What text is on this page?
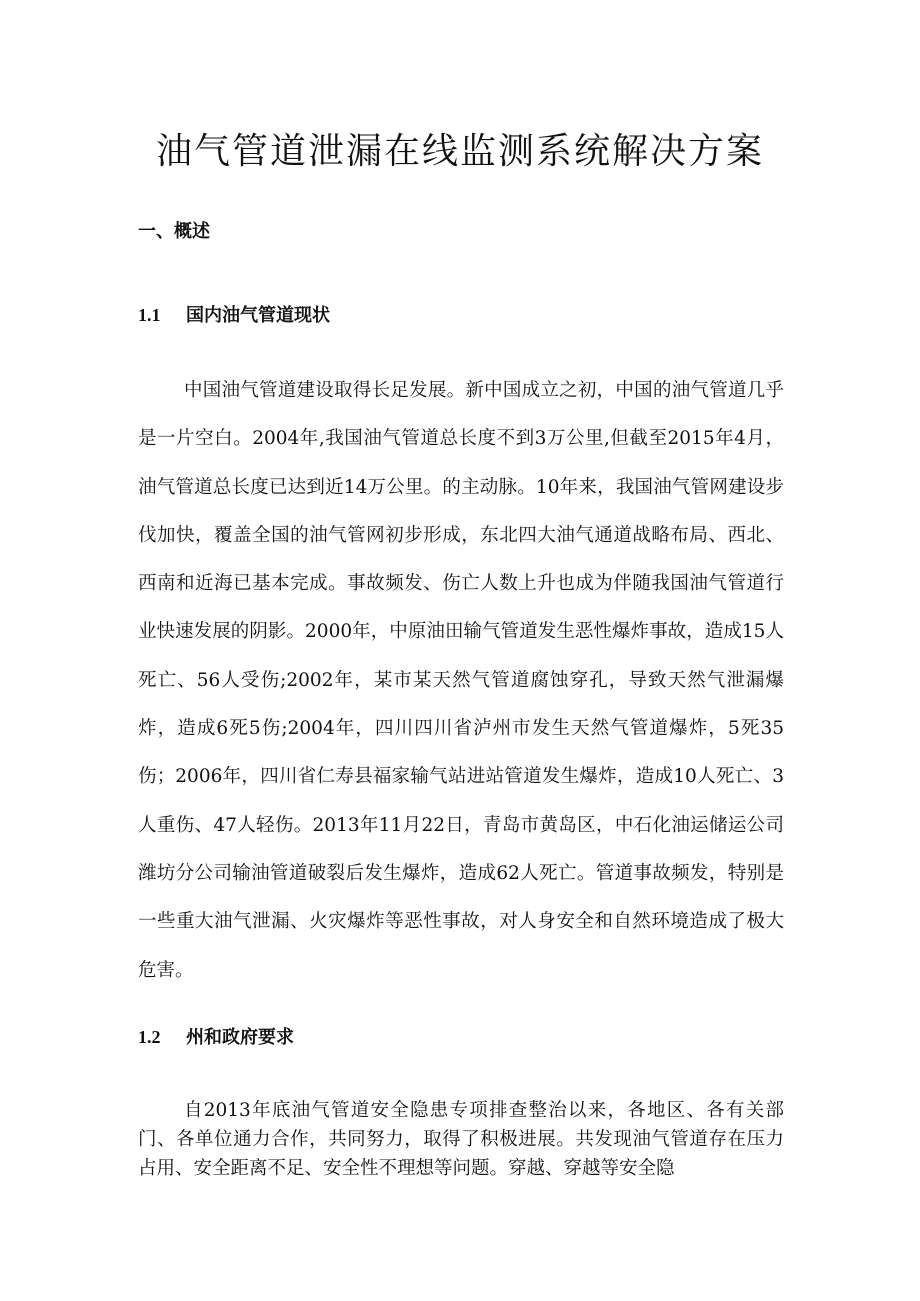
油气管道泄漏在线监测系统解决方案
一、概述
1.1 国内油气管道现状

中国油气管道建设取得长足发展。新中国成立之初，中国的油气管道几乎是一片空白。2004年,我国油气管道总长度不到3万公里,但截至2015年4月，油气管道总长度已达到近14万公里。的主动脉。10年来，我国油气管网建设步伐加快，覆盖全国的油气管网初步形成，东北四大油气通道战略布局、西北、西南和近海已基本完成。事故频发、伤亡人数上升也成为伴随我国油气管道行业快速发展的阴影。2000年，中原油田输气管道发生恶性爆炸事故，造成15人死亡、56人受伤;2002年，某市某天然气管道腐蚀穿孔，导致天然气泄漏爆炸，造成6死5伤;2004年，四川四川省泸州市发生天然气管道爆炸，5死35伤；2006年，四川省仁寿县福家输气站进站管道发生爆炸，造成10人死亡、3人重伤、47人轻伤。2013年11月22日，青岛市黄岛区，中石化油运储运公司潍坊分公司输油管道破裂后发生爆炸，造成62人死亡。管道事故频发，特别是一些重大油气泄漏、火灾爆炸等恶性事故，对人身安全和自然环境造成了极大危害。

1.2 州和政府要求

自2013年底油气管道安全隐患专项排查整治以来，各地区、各有关部门、各单位通力合作，共同努力，取得了积极进展。共发现油气管道存在压力占用、安全距离不足、安全性不理想等问题。穿越、穿越等安全隐
